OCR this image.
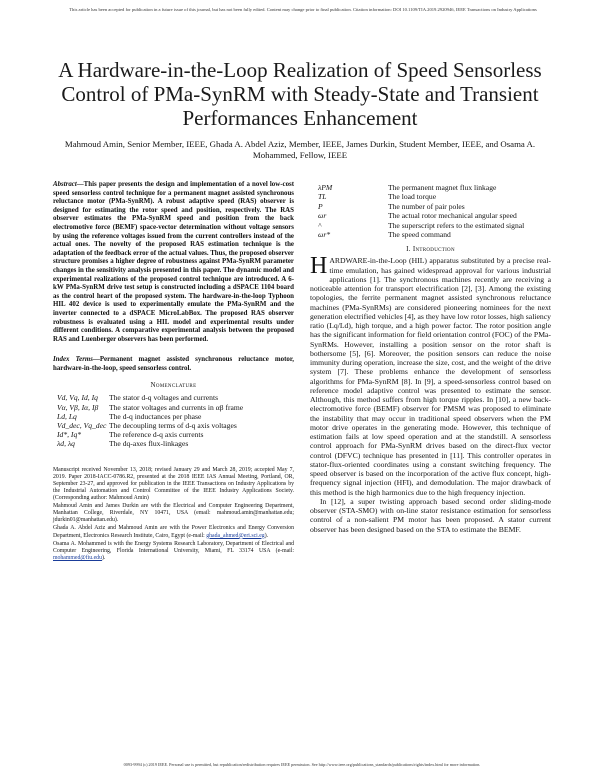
This article has been accepted for publication in a future issue of this journal, but has not been fully edited. Content may change prior to final publication. Citation information: DOI 10.1109/TIA.2019.2920946, IEEE Transactions on Industry Applications
A Hardware-in-the-Loop Realization of Speed Sensorless Control of PMa-SynRM with Steady-State and Transient Performances Enhancement
Mahmoud Amin, Senior Member, IEEE, Ghada A. Abdel Aziz, Member, IEEE, James Durkin, Student Member, IEEE, and Osama A. Mohammed, Fellow, IEEE

Abstract—This paper presents the design and implementation of a novel low-cost speed sensorless control technique for a permanent magnet assisted synchronous reluctance motor (PMa-SynRM). A robust adaptive speed (RAS) observer is designed for estimating the rotor speed and position, respectively. The RAS observer estimates the PMa-SynRM speed and position from the back electromotive force (BEMF) space-vector determination without voltage sensors by using the reference voltages issued from the current controllers instead of the actual ones. The novelty of the proposed RAS estimation technique is the adaptation of the feedback error of the actual values. Thus, the proposed observer structure promises a higher degree of robustness against PMa-SynRM parameter changes in the sensitivity analysis presented in this paper. The dynamic model and experimental realizations of the proposed control technique are introduced. A 6-kW PMa-SynRM drive test setup is constructed including a dSPACE 1104 board as the control heart of the proposed system. The hardware-in-the-loop Typhoon HIL 402 device is used to experimentally emulate the PMa-SynRM and the inverter connected to a dSPACE MicroLabBox. The proposed RAS observer robustness is evaluated using a HIL model and experimental results under different conditions. A comparative experimental analysis between the proposed RAS and Luenberger observers has been performed.

Index Terms—Permanent magnet assisted synchronous reluctance motor, hardware-in-the-loop, speed sensorless control.

Nomenclature
Vd, Vq, Id, Iq	The stator d-q voltages and currents
Vα, Vβ, Iα, Iβ	The stator voltages and currents in αβ frame
Ld, Lq	The d-q inductances per phase
Vd_dec, Vq_dec	The decoupling terms of d-q axis voltages
Id*, Iq*	The reference d-q axis currents
λd, λq	The dq-axes flux-linkages

Manuscript received November 13, 2018; revised January 29 and March 28, 2019; accepted May 7, 2019. Paper 2018-IACC-0786.R2, presented at the 2018 IEEE IAS Annual Meeting, Portland, OR, September 23-27, and approved for publication in the IEEE Transactions on Industry Applications by the Industrial Automation and Control Committee of the IEEE Industry Applications Society. (Corresponding author: Mahmoud Amin)

Mahmoud Amin and James Durkin are with the Electrical and Computer Engineering Department, Manhattan College, Riverdale, NY 10471, USA (email: mahmoud.amin@manhattan.edu; jdurkin01@manhattan.edu).

Ghada A. Abdel Aziz and Mahmoud Amin are with the Power Electronics and Energy Conversion Department, Electronics Research Institute, Cairo, Egypt (e-mail: ghada_ahmed@eri.sci.eg).

Osama A. Mohammed is with the Energy Systems Research Laboratory, Department of Electrical and Computer Engineering, Florida International University, Miami, FL 33174 USA (e-mail: mohammed@fiu.edu).

λPM	The permanent magnet flux linkage
TL	The load torque
P	The number of pair poles
ωr	The actual rotor mechanical angular speed
^	The superscript refers to the estimated signal
ωr*	The speed command
I. Introduction

HARDWARE-in-the-Loop (HIL) apparatus substituted by a precise real-time emulation, has gained widespread approval for various industrial applications [1]. The synchronous machines recently are receiving a noticeable attention for transport electrification [2], [3]. Among the existing topologies, the ferrite permanent magnet assisted synchronous reluctance machines (PMa-SynRMs) are considered pioneering nominees for the next generation electrified vehicles [4], as they have low rotor losses, high saliency ratio (Lq/Ld), high torque, and a high power factor. The rotor position angle has the significant information for field orientation control (FOC) of the PMa-SynRMs. However, installing a position sensor on the rotor shaft is bothersome [5], [6]. Moreover, the position sensors can reduce the noise immunity during operation, increase the size, cost, and the weight of the drive system [7]. These problems enhance the development of sensorless algorithms for PMa-SynRM [8]. In [9], a speed-sensorless control based on reference model adaptive control was presented to estimate the sensor. Although, this method suffers from high torque ripples. In [10], a new back-electromotive force (BEMF) observer for PMSM was proposed to eliminate the instability that may occur in traditional speed observers when the PM motor drive operates in the generating mode. However, this technique of estimation fails at low speed operation and at the standstill. A sensorless control approach for PMa-SynRM drives based on the direct-flux vector control (DFVC) technique has presented in [11]. This controller operates in stator-flux-oriented coordinates using a constant switching frequency. The speed observer is based on the incorporation of the active flux concept, high-frequency signal injection (HFI), and demodulation. The major drawback of this method is the high harmonics due to the high frequency injection.

In [12], a super twisting approach based second order sliding-mode observer (STA-SMO) with on-line stator resistance estimation for sensorless control of a non-salient PM motor has been proposed. A stator current observer has been designed based on the STA to estimate the BEMF.

0093-9994 (c) 2019 IEEE. Personal use is permitted, but republication/redistribution requires IEEE permission. See http://www.ieee.org/publications_standards/publications/rights/index.html for more information.
